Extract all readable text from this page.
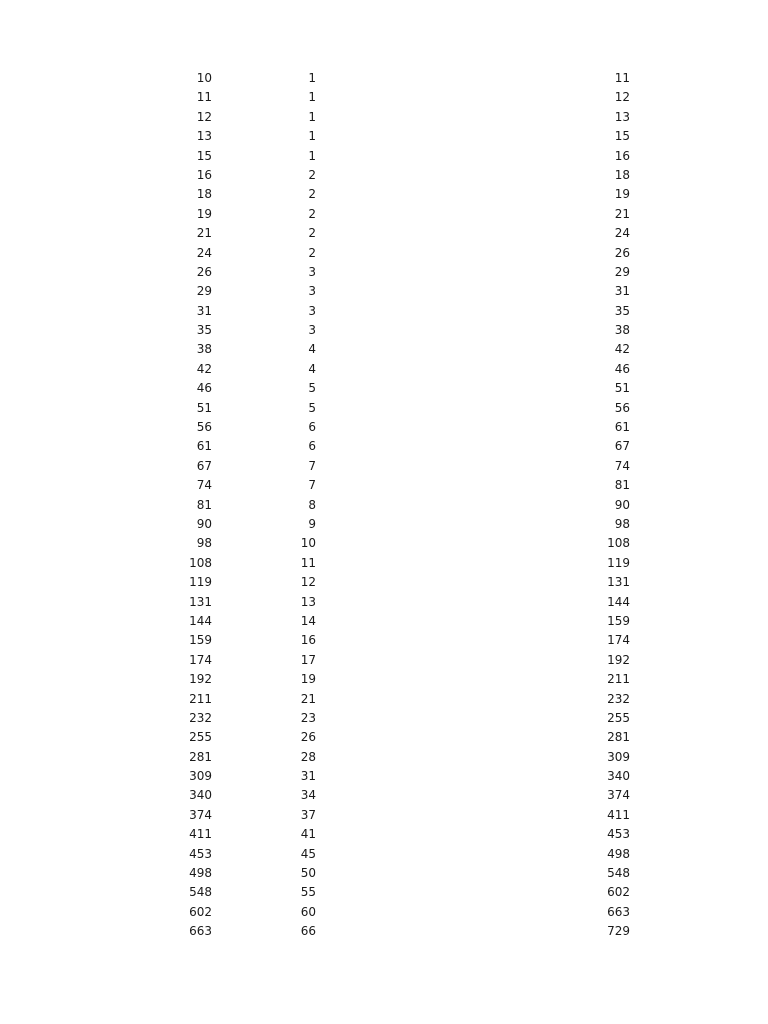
10	1	11
11	1	12
12	1	13
13	1	15
15	1	16
16	2	18
18	2	19
19	2	21
21	2	24
24	2	26
26	3	29
29	3	31
31	3	35
35	3	38
38	4	42
42	4	46
46	5	51
51	5	56
56	6	61
61	6	67
67	7	74
74	7	81
81	8	90
90	9	98
98	10	108
108	11	119
119	12	131
131	13	144
144	14	159
159	16	174
174	17	192
192	19	211
211	21	232
232	23	255
255	26	281
281	28	309
309	31	340
340	34	374
374	37	411
411	41	453
453	45	498
498	50	548
548	55	602
602	60	663
663	66	729
